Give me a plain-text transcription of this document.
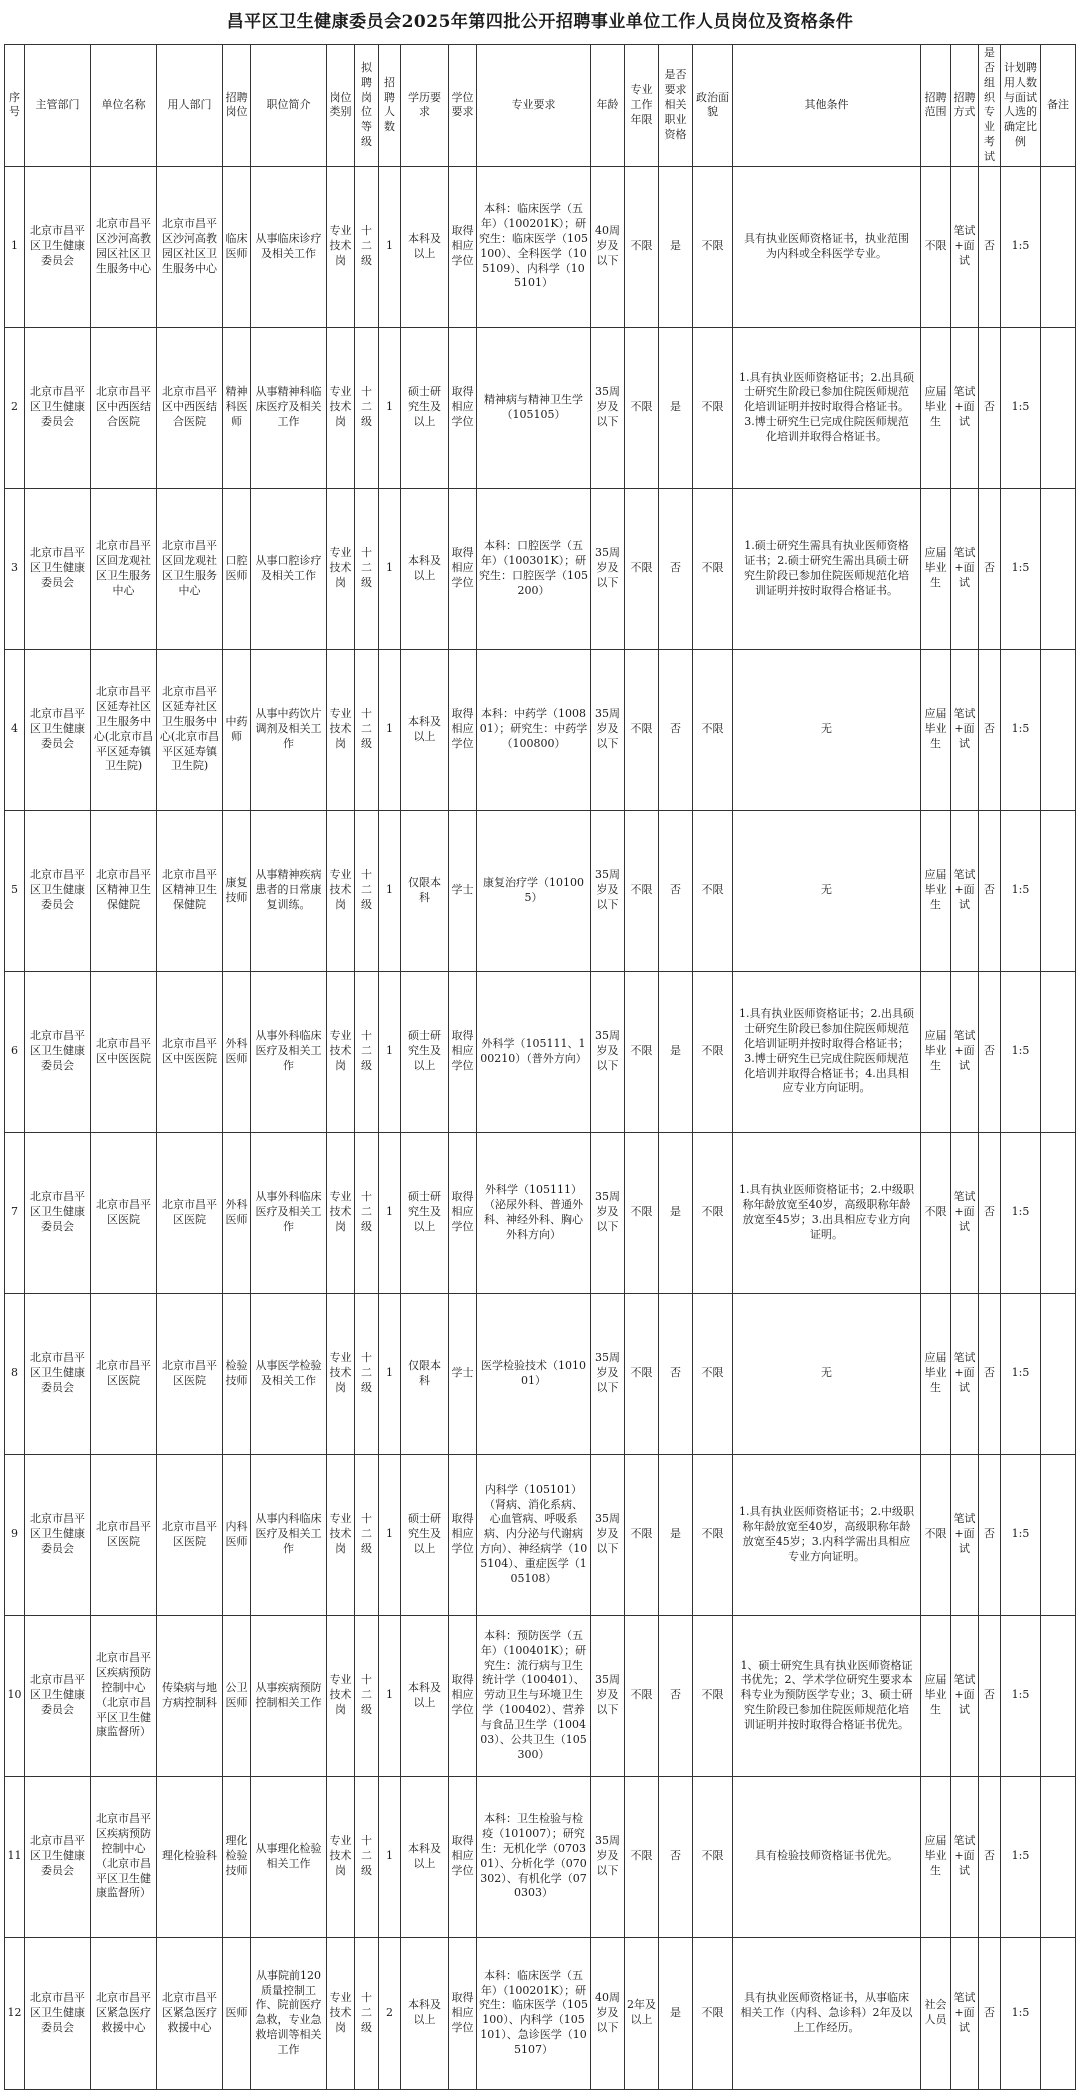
昌平区卫生健康委员会2025年第四批公开招聘事业单位工作人员岗位及资格条件
序号	主管部门	单位名称	用人部门	招聘岗位	职位简介	岗位类别	拟聘岗位等级	招聘人数	学历要求	学位要求	专业要求	年龄	专业工作年限	是否要求相关职业资格	政治面貌	其他条件	招聘范围	招聘方式	是否组织专业考试	计划聘用人数与面试人选的确定比例	备注
1	北京市昌平区卫生健康委员会	北京市昌平区沙河高教园区社区卫生服务中心	北京市昌平区沙河高教园区社区卫生服务中心	临床医师	从事临床诊疗及相关工作	专业技术岗	十二级	1	本科及以上	取得相应学位	本科：临床医学（五年）（100201K）；研究生：临床医学（105100）、全科医学（105109）、内科学（105101）	40周岁及以下	不限	是	不限	具有执业医师资格证书，执业范围为内科或全科医学专业。	不限	笔试+面试	否	1:5	
2	北京市昌平区卫生健康委员会	北京市昌平区中西医结合医院	北京市昌平区中西医结合医院	精神科医师	从事精神科临床医疗及相关工作	专业技术岗	十二级	1	硕士研究生及以上	取得相应学位	精神病与精神卫生学（105105）	35周岁及以下	不限	是	不限	1.具有执业医师资格证书；2.出具硕士研究生阶段已参加住院医师规范化培训证明并按时取得合格证书。3.博士研究生已完成住院医师规范化培训并取得合格证书。	应届毕业生	笔试+面试	否	1:5	
3	北京市昌平区卫生健康委员会	北京市昌平区回龙观社区卫生服务中心	北京市昌平区回龙观社区卫生服务中心	口腔医师	从事口腔诊疗及相关工作	专业技术岗	十二级	1	本科及以上	取得相应学位	本科：口腔医学（五年）（100301K）；研究生：口腔医学（105200）	35周岁及以下	不限	否	不限	1.硕士研究生需具有执业医师资格证书；2.硕士研究生需出具硕士研究生阶段已参加住院医师规范化培训证明并按时取得合格证书。	应届毕业生	笔试+面试	否	1:5	
4	北京市昌平区卫生健康委员会	北京市昌平区延寿社区卫生服务中心(北京市昌平区延寿镇卫生院)	北京市昌平区延寿社区卫生服务中心(北京市昌平区延寿镇卫生院)	中药师	从事中药饮片调剂及相关工作	专业技术岗	十二级	1	本科及以上	取得相应学位	本科：中药学（100801）；研究生：中药学（100800）	35周岁及以下	不限	否	不限	无	应届毕业生	笔试+面试	否	1:5	
5	北京市昌平区卫生健康委员会	北京市昌平区精神卫生保健院	北京市昌平区精神卫生保健院	康复技师	从事精神疾病患者的日常康复训练。	专业技术岗	十二级	1	仅限本科	学士	康复治疗学（101005）	35周岁及以下	不限	否	不限	无	应届毕业生	笔试+面试	否	1:5	
6	北京市昌平区卫生健康委员会	北京市昌平区中医医院	北京市昌平区中医医院	外科医师	从事外科临床医疗及相关工作	专业技术岗	十二级	1	硕士研究生及以上	取得相应学位	外科学（105111、100210）（普外方向）	35周岁及以下	不限	是	不限	1.具有执业医师资格证书；2.出具硕士研究生阶段已参加住院医师规范化培训证明并按时取得合格证书；3.博士研究生已完成住院医师规范化培训并取得合格证书；4.出具相应专业方向证明。	应届毕业生	笔试+面试	否	1:5	
7	北京市昌平区卫生健康委员会	北京市昌平区医院	北京市昌平区医院	外科医师	从事外科临床医疗及相关工作	专业技术岗	十二级	1	硕士研究生及以上	取得相应学位	外科学（105111）（泌尿外科、普通外科、神经外科、胸心外科方向）	35周岁及以下	不限	是	不限	1.具有执业医师资格证书；2.中级职称年龄放宽至40岁，高级职称年龄放宽至45岁；3.出具相应专业方向证明。	不限	笔试+面试	否	1:5	
8	北京市昌平区卫生健康委员会	北京市昌平区医院	北京市昌平区医院	检验技师	从事医学检验及相关工作	专业技术岗	十二级	1	仅限本科	学士	医学检验技术（101001）	35周岁及以下	不限	否	不限	无	应届毕业生	笔试+面试	否	1:5	
9	北京市昌平区卫生健康委员会	北京市昌平区医院	北京市昌平区医院	内科医师	从事内科临床医疗及相关工作	专业技术岗	十二级	1	硕士研究生及以上	取得相应学位	内科学（105101）（肾病、消化系病、心血管病、呼吸系病、内分泌与代谢病方向）、神经病学（105104）、重症医学（105108）	35周岁及以下	不限	是	不限	1.具有执业医师资格证书；2.中级职称年龄放宽至40岁，高级职称年龄放宽至45岁；3.内科学需出具相应专业方向证明。	不限	笔试+面试	否	1:5	
10	北京市昌平区卫生健康委员会	北京市昌平区疾病预防控制中心（北京市昌平区卫生健康监督所）	传染病与地方病控制科	公卫医师	从事疾病预防控制相关工作	专业技术岗	十二级	1	本科及以上	取得相应学位	本科：预防医学（五年）（100401K）；研究生：流行病与卫生统计学（100401）、劳动卫生与环境卫生学（100402）、营养与食品卫生学（100403）、公共卫生（105300）	35周岁及以下	不限	否	不限	1、硕士研究生具有执业医师资格证书优先；2、学术学位研究生要求本科专业为预防医学专业；3、硕士研究生阶段已参加住院医师规范化培训证明并按时取得合格证书优先。	应届毕业生	笔试+面试	否	1:5	
11	北京市昌平区卫生健康委员会	北京市昌平区疾病预防控制中心（北京市昌平区卫生健康监督所）	理化检验科	理化检验技师	从事理化检验相关工作	专业技术岗	十二级	1	本科及以上	取得相应学位	本科：卫生检验与检疫（101007）；研究生：无机化学（070301）、分析化学（070302）、有机化学（070303）	35周岁及以下	不限	否	不限	具有检验技师资格证书优先。	应届毕业生	笔试+面试	否	1:5	
12	北京市昌平区卫生健康委员会	北京市昌平区紧急医疗救援中心	北京市昌平区紧急医疗救援中心	医师	从事院前120质量控制工作、院前医疗急救，专业急救培训等相关工作	专业技术岗	十二级	2	本科及以上	取得相应学位	本科：临床医学（五年）（100201K）；研究生：临床医学（105100）、内科学（105101）、急诊医学（105107）	40周岁及以下	2年及以上	是	不限	具有执业医师资格证书，从事临床相关工作（内科、急诊科）2年及以上工作经历。	社会人员	笔试+面试	否	1:5	
